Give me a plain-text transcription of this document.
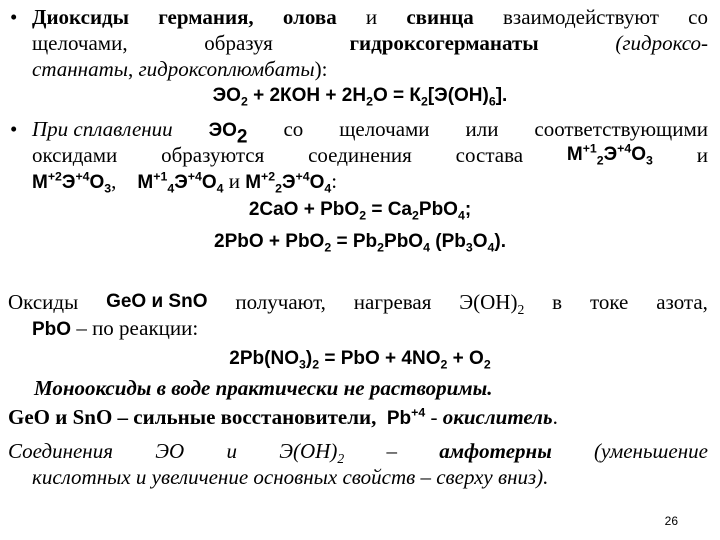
• Диоксиды германия, олова и свинца взаимодействуют со
щелочами,	образуя	гидроксогерманаты	(гидроксо-
станнаты, гидроксоплюмбаты):
$ЭО_2 + 2КОН + 2Н_2О = К_2[Э(ОН)_6]$.
• При сплавлении $ЭО_2$ со щелочами или соответствующими
оксидами образуются соединения состава $М^{+1}_2Э^{+4}О_3$ и
$М^{+2}Э^{+4}О_3$, $М^{+1}_4Э^{+4}О_4$ и $М^{+2}_2Э^{+4}О_4$:
$2CaO + PbO_2 = Ca_2PbO_4$;
$2PbO + PbO_2 = Pb_2PbO_4$ $(Pb_3O_4)$.
Оксиды GeO и SnO получают, нагревая $Э(ОН)_2$ в токе азота,
PbO – по реакции:
$2Pb(NO_3)_2$ = PbO + $4NO_2 + O_2$
Монооксиды в воде практически не растворимы.
GeO и SnO – сильные восстановители, $Pb^{+4}$ - окислитель.
Соединения ЭО и $Э(ОН)_2$ – амфотерны (уменьшение
кислотных и увеличение основных свойств – сверху вниз).
26
